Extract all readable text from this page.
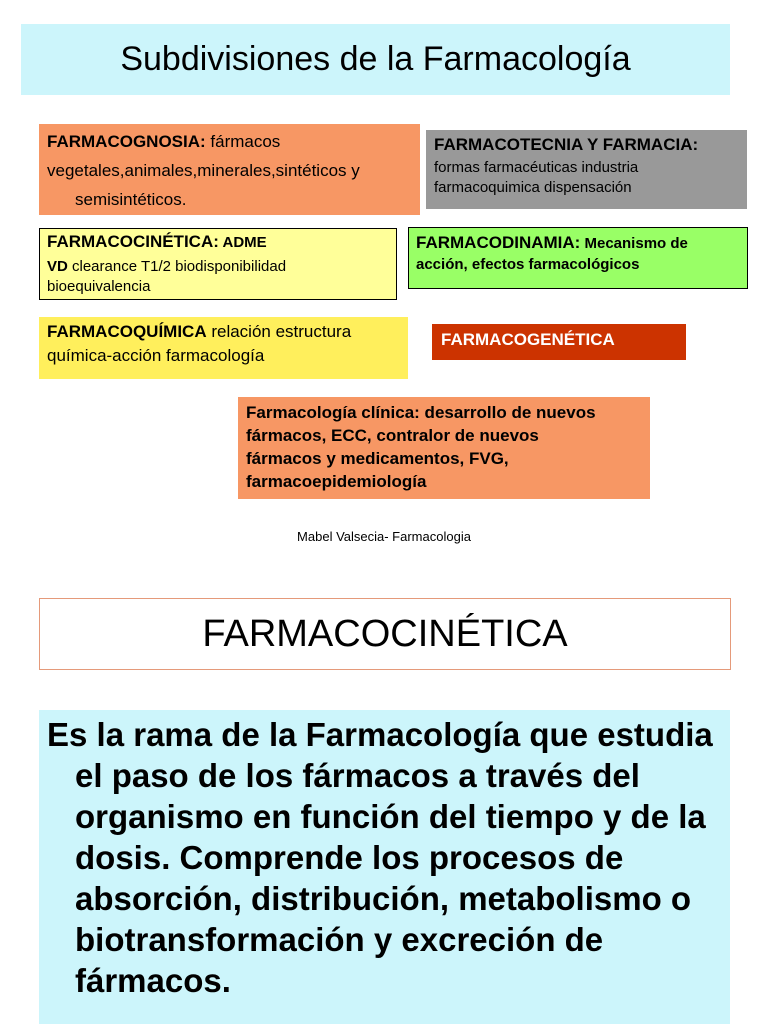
Subdivisiones de la Farmacología
FARMACOGNOSIA: fármacos
vegetales,animales,minerales,sintéticos y
semisintéticos.
FARMACOTECNIA Y FARMACIA:
formas farmacéuticas industria
farmacoquimica dispensación
FARMACOCINÉTICA: ADME
VD clearance T1/2 biodisponibilidad
bioequivalencia
FARMACODINAMIA: Mecanismo de
acción, efectos farmacológicos
FARMACOQUÍMICA relación estructura
química-acción farmacología
FARMACOGENÉTICA
Farmacología clínica: desarrollo de nuevos
fármacos, ECC, contralor de nuevos
fármacos y medicamentos, FVG,
farmacoepidemiología
Mabel Valsecia- Farmacologia
FARMACOCINÉTICA
Es la rama de la Farmacología que estudia el paso de los fármacos a través del organismo en función del tiempo y de la dosis. Comprende los procesos de absorción, distribución, metabolismo o biotransformación y excreción de fármacos.
